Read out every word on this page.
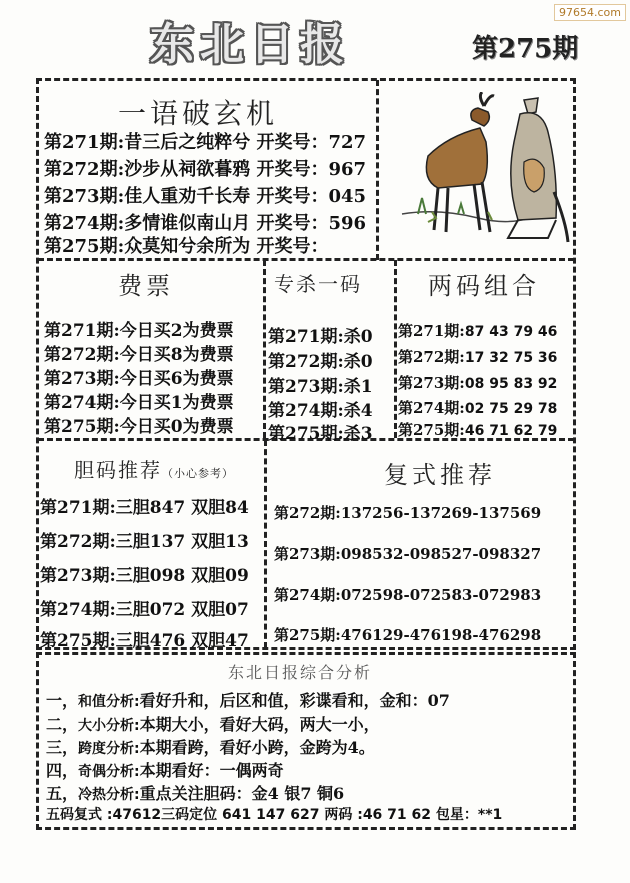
97654.com
东北日报	第275期
一语破玄机
第271期:昔三后之纯粹兮 开奖号：727
第272期:沙步从祠欲暮鸦 开奖号：967
第273期:佳人重劝千长寿 开奖号：045
第274期:多情谁似南山月 开奖号：596
第275期:众莫知兮余所为 开奖号：
费票
第271期:今日买2为费票
第272期:今日买8为费票
第273期:今日买6为费票
第274期:今日买1为费票
第275期:今日买0为费票
专杀一码
第271期:杀0
第272期:杀0
第273期:杀1
第274期:杀4
第275期:杀3
两码组合
第271期:87 43 79 46
第272期:17 32 75 36
第273期:08 95 83 92
第274期:02 75 29 78
第275期:46 71 62 79
胆码推荐（小心参考）
第271期:三胆847 双胆84
第272期:三胆137 双胆13
第273期:三胆098 双胆09
第274期:三胆072 双胆07
第275期:三胆476 双胆47
复式推荐
第272期:137256-137269-137569
第273期:098532-098527-098327
第274期:072598-072583-072983
第275期:476129-476198-476298
东北日报综合分析
一，和值分析:看好升和，后区和值，彩谍看和，金和：07
二，大小分析:本期大小，看好大码，两大一小，
三，跨度分析:本期看跨，看好小跨，金跨为4。
四，奇偶分析:本期看好：一偶两奇
五，冷热分析:重点关注胆码：金4 银7 铜6
五码复式 :47612三码定位 641 147 627 两码 :46 71 62 包星：**1
